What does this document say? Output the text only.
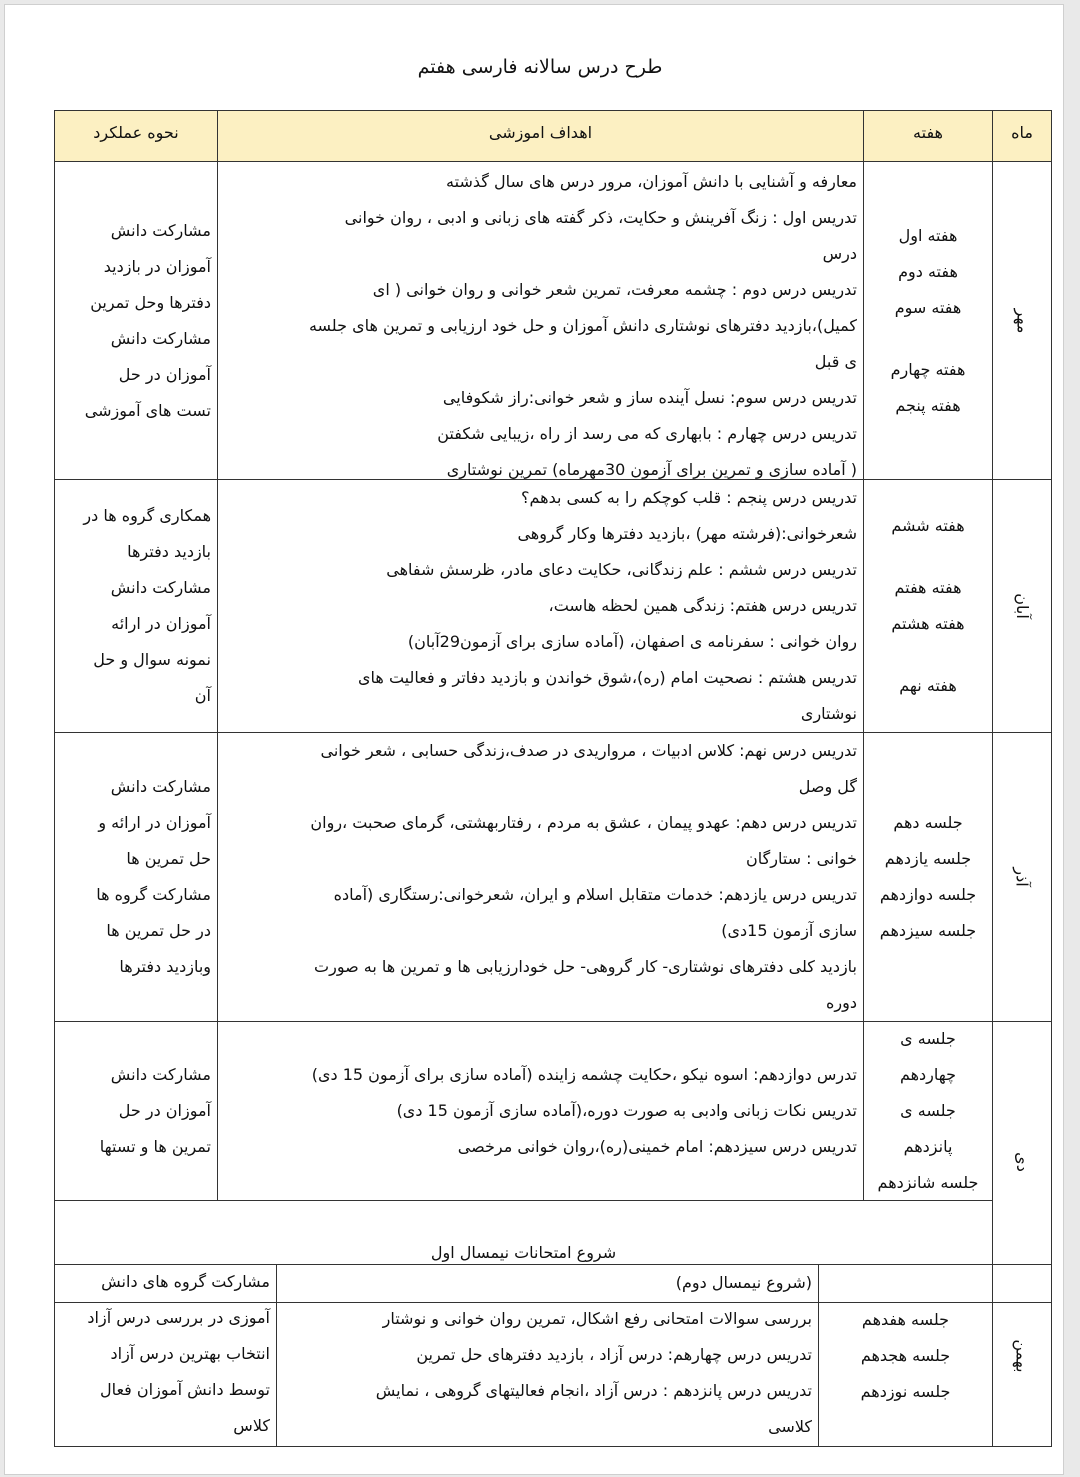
طرح درس سالانه فارسی هفتم
ماه
هفته
اهداف اموزشی
نحوه عملکرد
مهر
هفته اول
هفته دوم
هفته سوم
هفته چهارم
هفته پنجم
معارفه و آشنایی با دانش آموزان، مرور درس های سال گذشته
تدریس اول : زنگ آفرینش و حکایت، ذکر گفته های زبانی و ادبی ، روان خوانی
درس
تدریس درس دوم : چشمه معرفت، تمرین شعر خوانی و روان خوانی ( ای
کمیل)،بازدید دفترهای نوشتاری دانش آموزان و حل خود ارزیابی و تمرین های جلسه
ی قبل
تدریس درس سوم: نسل آینده ساز و شعر خوانی:راز شکوفایی
تدریس درس چهارم : بابهاری که می رسد از راه ،زیبایی شکفتن
( آماده سازی و تمرین برای آزمون 30مهرماه) تمرین نوشتاری
مشارکت دانش
آموزان در بازدید
دفترها وحل تمرین
مشارکت دانش
آموزان در حل
تست های آموزشی
آبان
هفته ششم
هفته هفتم
هفته هشتم
هفته نهم
تدریس درس پنجم : قلب کوچکم را به کسی بدهم؟
شعرخوانی:(فرشته مهر) ،بازدید دفترها وکار گروهی
تدریس درس ششم : علم زندگانی، حکایت دعای مادر، ظرسش شفاهی
تدریس درس هفتم: زندگی همین لحظه هاست،
روان خوانی : سفرنامه ی اصفهان، (آماده سازی برای آزمون29آبان)
تدریس هشتم : نصحیت امام (ره)،شوق خواندن و بازدید دفاتر و فعالیت های
نوشتاری
همکاری گروه ها در
بازدید دفترها
مشارکت دانش
آموزان در ارائه
نمونه سوال و حل
آن
آذر
جلسه دهم
جلسه یازدهم
جلسه دوازدهم
جلسه سیزدهم
تدریس درس نهم: کلاس ادبیات ، مرواریدی در صدف،زندگی حسابی ، شعر خوانی
گل وصل
تدریس درس دهم: عهدو پیمان ، عشق به مردم ، رفتاربهشتی، گرمای صحبت ،روان
خوانی : ستارگان
تدریس درس یازدهم: خدمات متقابل اسلام و ایران، شعرخوانی:رستگاری (آماده
سازی آزمون 15دی)
بازدید کلی دفترهای نوشتاری- کار گروهی- حل خودارزیابی ها و تمرین ها به صورت
دوره
مشارکت دانش
آموزان در ارائه و
حل تمرین ها
مشارکت گروه ها
در حل تمرین ها
وبازدید دفترها
دی
جلسه ی
چهاردهم
جلسه ی
پانزدهم
جلسه شانزدهم
تدرس دوازدهم: اسوه نیکو ،حکایت چشمه زاینده (آماده سازی برای آزمون 15 دی)
تدریس نکات زبانی وادبی به صورت دوره،(آماده سازی آزمون 15 دی)
تدریس درس سیزدهم: امام خمینی(ره)،روان خوانی مرخصی
مشارکت دانش
آموزان در حل
تمرین ها و تستها
شروع امتحانات نیمسال اول
بهمن
جلسه هفدهم
جلسه هجدهم
جلسه نوزدهم
(شروع نیمسال دوم)
بررسی سوالات امتحانی رفع اشکال، تمرین روان خوانی و نوشتار
تدریس درس چهارهم: درس آزاد ، بازدید دفترهای حل تمرین
تدریس درس پانزدهم : درس آزاد ،انجام فعالیتهای گروهی ، نمایش
کلاسی
مشارکت گروه های دانش
آموزی در بررسی درس آزاد
انتخاب بهترین درس آزاد
توسط دانش آموزان فعال
کلاس
